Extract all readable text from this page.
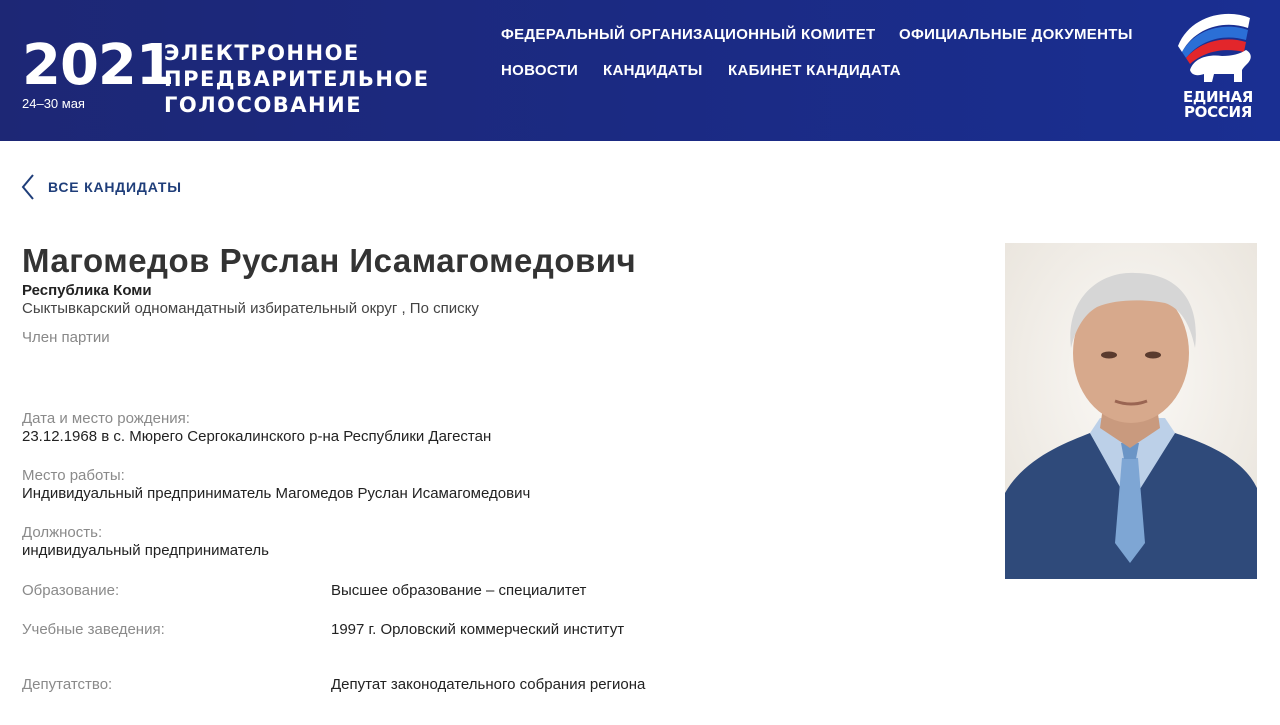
2021
24–30 мая
ЭЛЕКТРОННОЕ
ПРЕДВАРИТЕЛЬНОЕ
ГОЛОСОВАНИЕ
ФЕДЕРАЛЬНЫЙ ОРГАНИЗАЦИОННЫЙ КОМИТЕТ ОФИЦИАЛЬНЫЕ ДОКУМЕНТЫ
НОВОСТИ КАНДИДАТЫ КАБИНЕТ КАНДИДАТА
ЕДИНАЯ
РОССИЯ
ВСЕ КАНДИДАТЫ
Магомедов Руслан Исамагомедович
Республика Коми
Сыктывкарский одномандатный избирательный округ , По списку
Член партии
Дата и место рождения:
23.12.1968 в с. Мюрего Сергокалинского р-на Республики Дагестан
Место работы:
Индивидуальный предприниматель Магомедов Руслан Исамагомедович
Должность:
индивидуальный предприниматель
Образование:	Высшее образование – специалитет
Учебные заведения:	1997 г. Орловский коммерческий институт
Депутатство:	Депутат законодательного собрания региона
